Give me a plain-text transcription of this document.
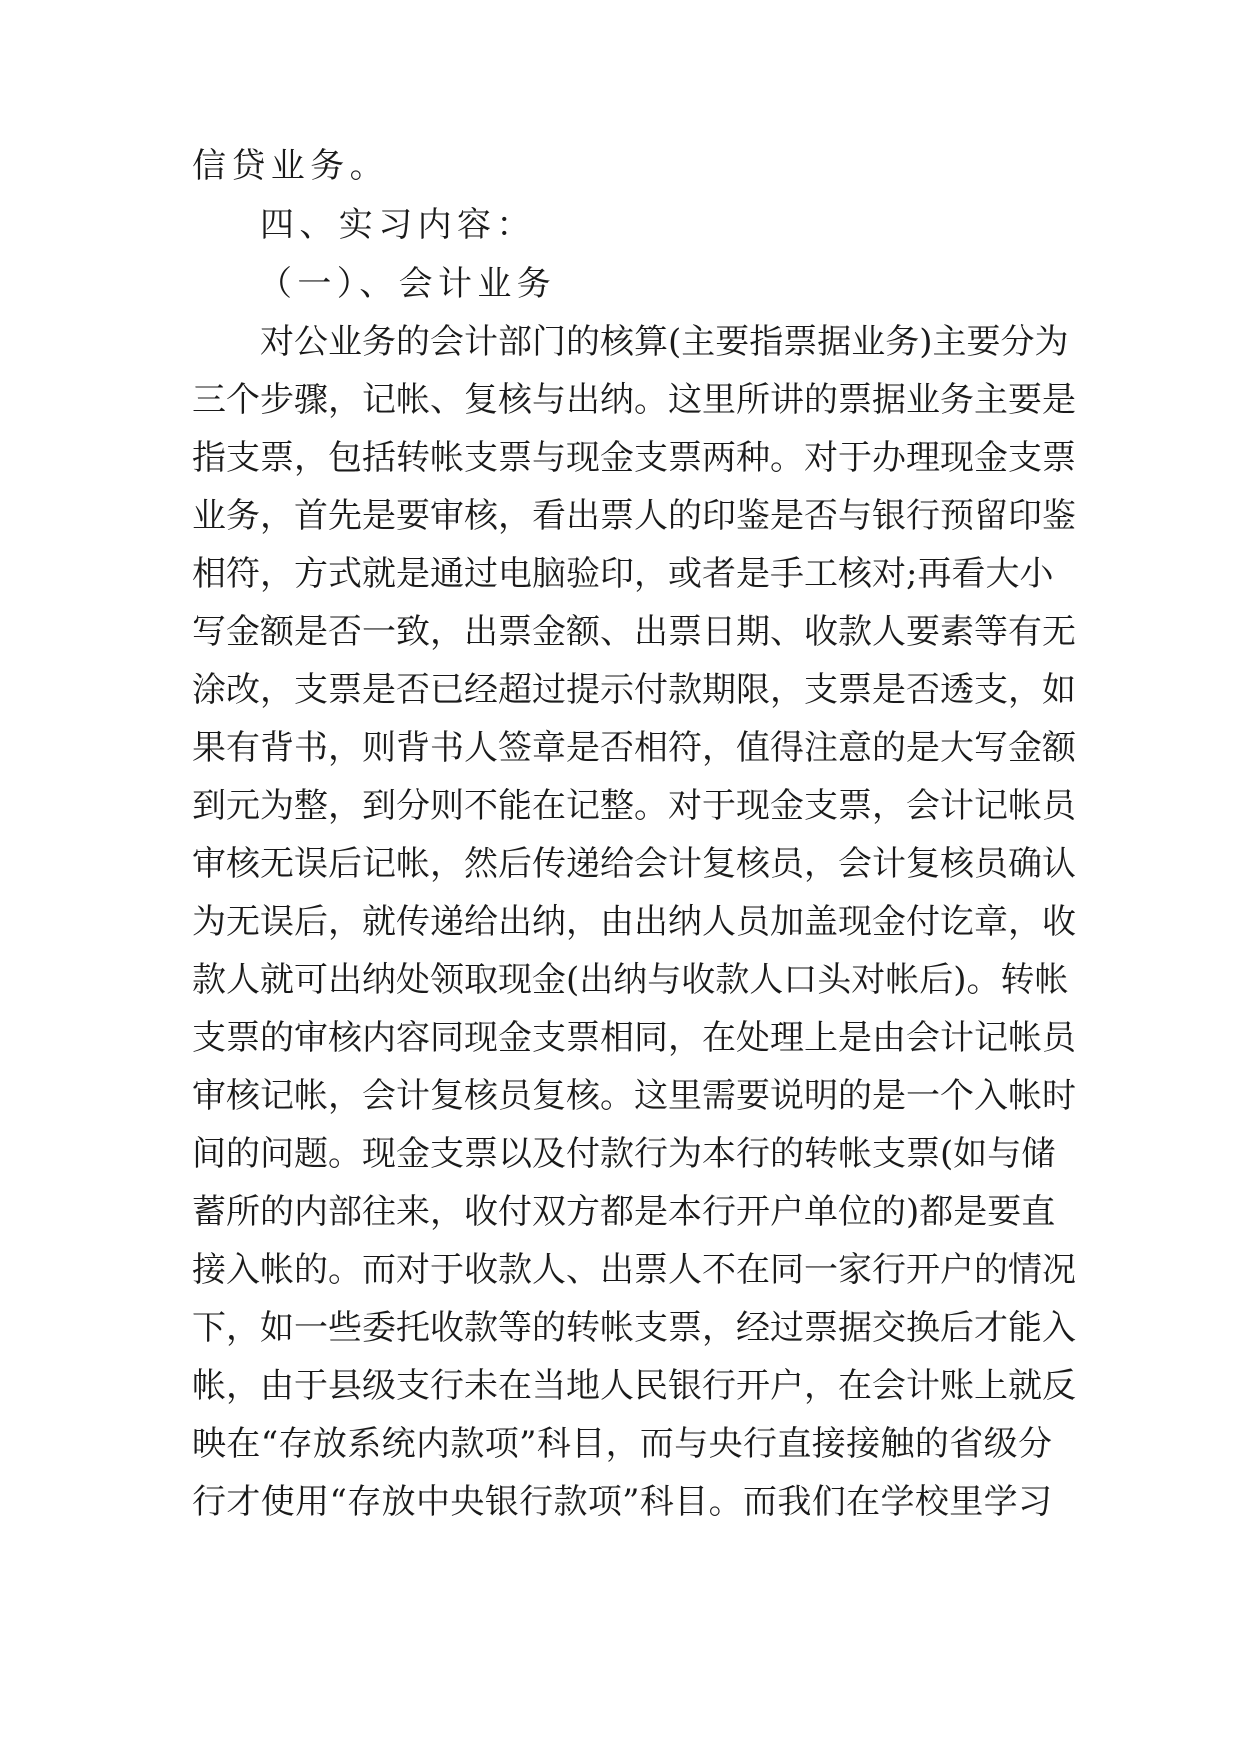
信贷业务。
四、实习内容：
（一）、会计业务
对公业务的会计部门的核算(主要指票据业务)主要分为
三个步骤，记帐、复核与出纳。这里所讲的票据业务主要是
指支票，包括转帐支票与现金支票两种。对于办理现金支票
业务，首先是要审核，看出票人的印鉴是否与银行预留印鉴
相符，方式就是通过电脑验印，或者是手工核对;再看大小
写金额是否一致，出票金额、出票日期、收款人要素等有无
涂改，支票是否已经超过提示付款期限，支票是否透支，如
果有背书，则背书人签章是否相符，值得注意的是大写金额
到元为整，到分则不能在记整。对于现金支票，会计记帐员
审核无误后记帐，然后传递给会计复核员，会计复核员确认
为无误后，就传递给出纳，由出纳人员加盖现金付讫章，收
款人就可出纳处领取现金(出纳与收款人口头对帐后)。转帐
支票的审核内容同现金支票相同，在处理上是由会计记帐员
审核记帐，会计复核员复核。这里需要说明的是一个入帐时
间的问题。现金支票以及付款行为本行的转帐支票(如与储
蓄所的内部往来，收付双方都是本行开户单位的)都是要直
接入帐的。而对于收款人、出票人不在同一家行开户的情况
下，如一些委托收款等的转帐支票，经过票据交换后才能入
帐，由于县级支行未在当地人民银行开户，在会计账上就反
映在“存放系统内款项”科目，而与央行直接接触的省级分
行才使用“存放中央银行款项”科目。而我们在学校里学习
